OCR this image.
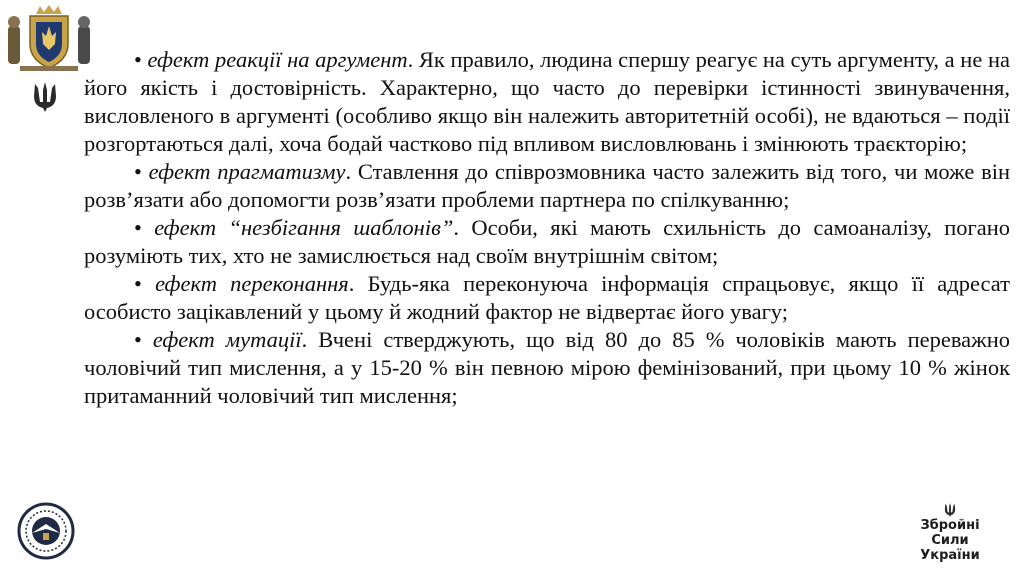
• ефект реакції на аргумент. Як правило, людина спершу реагує на суть аргументу, а не на його якість і достовірність. Характерно, що часто до перевірки істинності звинувачення, висловленого в аргументі (особливо якщо він належить авторитетній особі), не вдаються – події розгортаються далі, хоча бодай частково під впливом висловлювань і змінюють траєкторію;

• ефект прагматизму. Ставлення до співрозмовника часто залежить від того, чи може він розв’язати або допомогти розв’язати проблеми партнера по спілкуванню;

• ефект “незбігання шаблонів”. Особи, які мають схильність до самоаналізу, погано розуміють тих, хто не замислюється над своїм внутрішнім світом;

• ефект переконання. Будь-яка переконуюча інформація спрацьовує, якщо її адресат особисто зацікавлений у цьому й жодний фактор не відвертає його увагу;

• ефект мутації. Вчені стверджують, що від 80 до 85 % чоловіків мають переважно чоловічий тип мислення, а у 15-20 % він певною мірою фемінізований, при цьому 10 % жінок притаманний чоловічий тип мислення;

Збройні Сили
України
